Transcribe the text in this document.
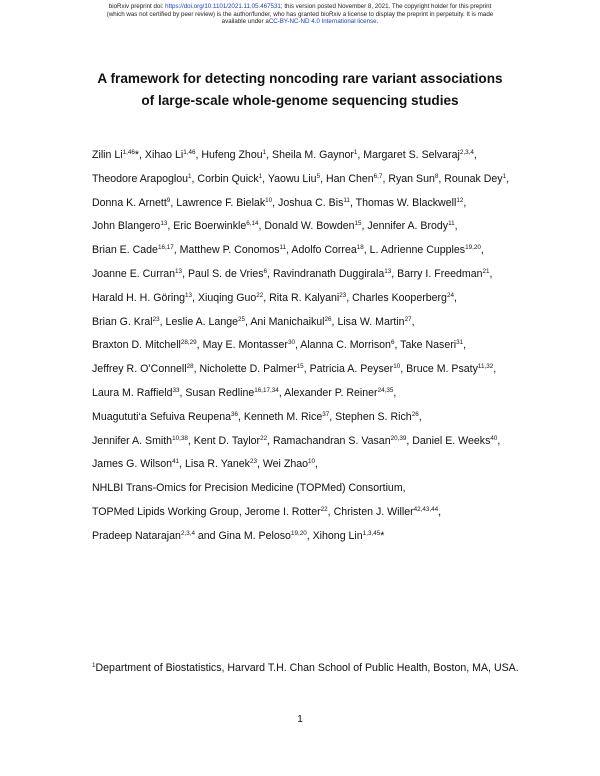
bioRxiv preprint doi: https://doi.org/10.1101/2021.11.05.467531; this version posted November 8, 2021. The copyright holder for this preprint
(which was not certified by peer review) is the author/funder, who has granted bioRxiv a license to display the preprint in perpetuity. It is made
available under aCC-BY-NC-ND 4.0 International license.
A framework for detecting noncoding rare variant associations
of large-scale whole-genome sequencing studies
Zilin Li$^{1,46}$*, Xihao Li$^{1,46}$, Hufeng Zhou$^1$, Sheila M. Gaynor$^1$, Margaret S. Selvaraj$^{2,3,4}$, Theodore Arapoglou$^1$, Corbin Quick$^1$, Yaowu Liu$^5$, Han Chen$^{6,7}$, Ryan Sun$^8$, Rounak Dey$^1$, Donna K. Arnett$^9$, Lawrence F. Bielak$^{10}$, Joshua C. Bis$^{11}$, Thomas W. Blackwell$^{12}$, John Blangero$^{13}$, Eric Boerwinkle$^{6,14}$, Donald W. Bowden$^{15}$, Jennifer A. Brody$^{11}$, Brian E. Cade$^{16,17}$, Matthew P. Conomos$^{11}$, Adolfo Correa$^{18}$, L. Adrienne Cupples$^{19,20}$, Joanne E. Curran$^{13}$, Paul S. de Vries$^6$, Ravindranath Duggirala$^{13}$, Barry I. Freedman$^{21}$, Harald H. H. Göring$^{13}$, Xiuqing Guo$^{22}$, Rita R. Kalyani$^{23}$, Charles Kooperberg$^{24}$, Brian G. Kral$^{23}$, Leslie A. Lange$^{25}$, Ani Manichaikul$^{26}$, Lisa W. Martin$^{27}$, Braxton D. Mitchell$^{28,29}$, May E. Montasser$^{30}$, Alanna C. Morrison$^6$, Take Naseri$^{31}$, Jeffrey R. O’Connell$^{28}$, Nicholette D. Palmer$^{15}$, Patricia A. Peyser$^{10}$, Bruce M. Psaty$^{11,32}$, Laura M. Raffield$^{33}$, Susan Redline$^{16,17,34}$, Alexander P. Reiner$^{24,35}$, Muagututi‘a Sefuiva Reupena$^{36}$, Kenneth M. Rice$^{37}$, Stephen S. Rich$^{26}$, Jennifer A. Smith$^{10,38}$, Kent D. Taylor$^{22}$, Ramachandran S. Vasan$^{20,39}$, Daniel E. Weeks$^{40}$, James G. Wilson$^{41}$, Lisa R. Yanek$^{23}$, Wei Zhao$^{10}$, NHLBI Trans-Omics for Precision Medicine (TOPMed) Consortium, TOPMed Lipids Working Group, Jerome I. Rotter$^{22}$, Christen J. Willer$^{42,43,44}$, Pradeep Natarajan$^{2,3,4}$ and Gina M. Peloso$^{19,20}$, Xihong Lin$^{1,3,45}$*
$^1$Department of Biostatistics, Harvard T.H. Chan School of Public Health, Boston, MA, USA.
1
